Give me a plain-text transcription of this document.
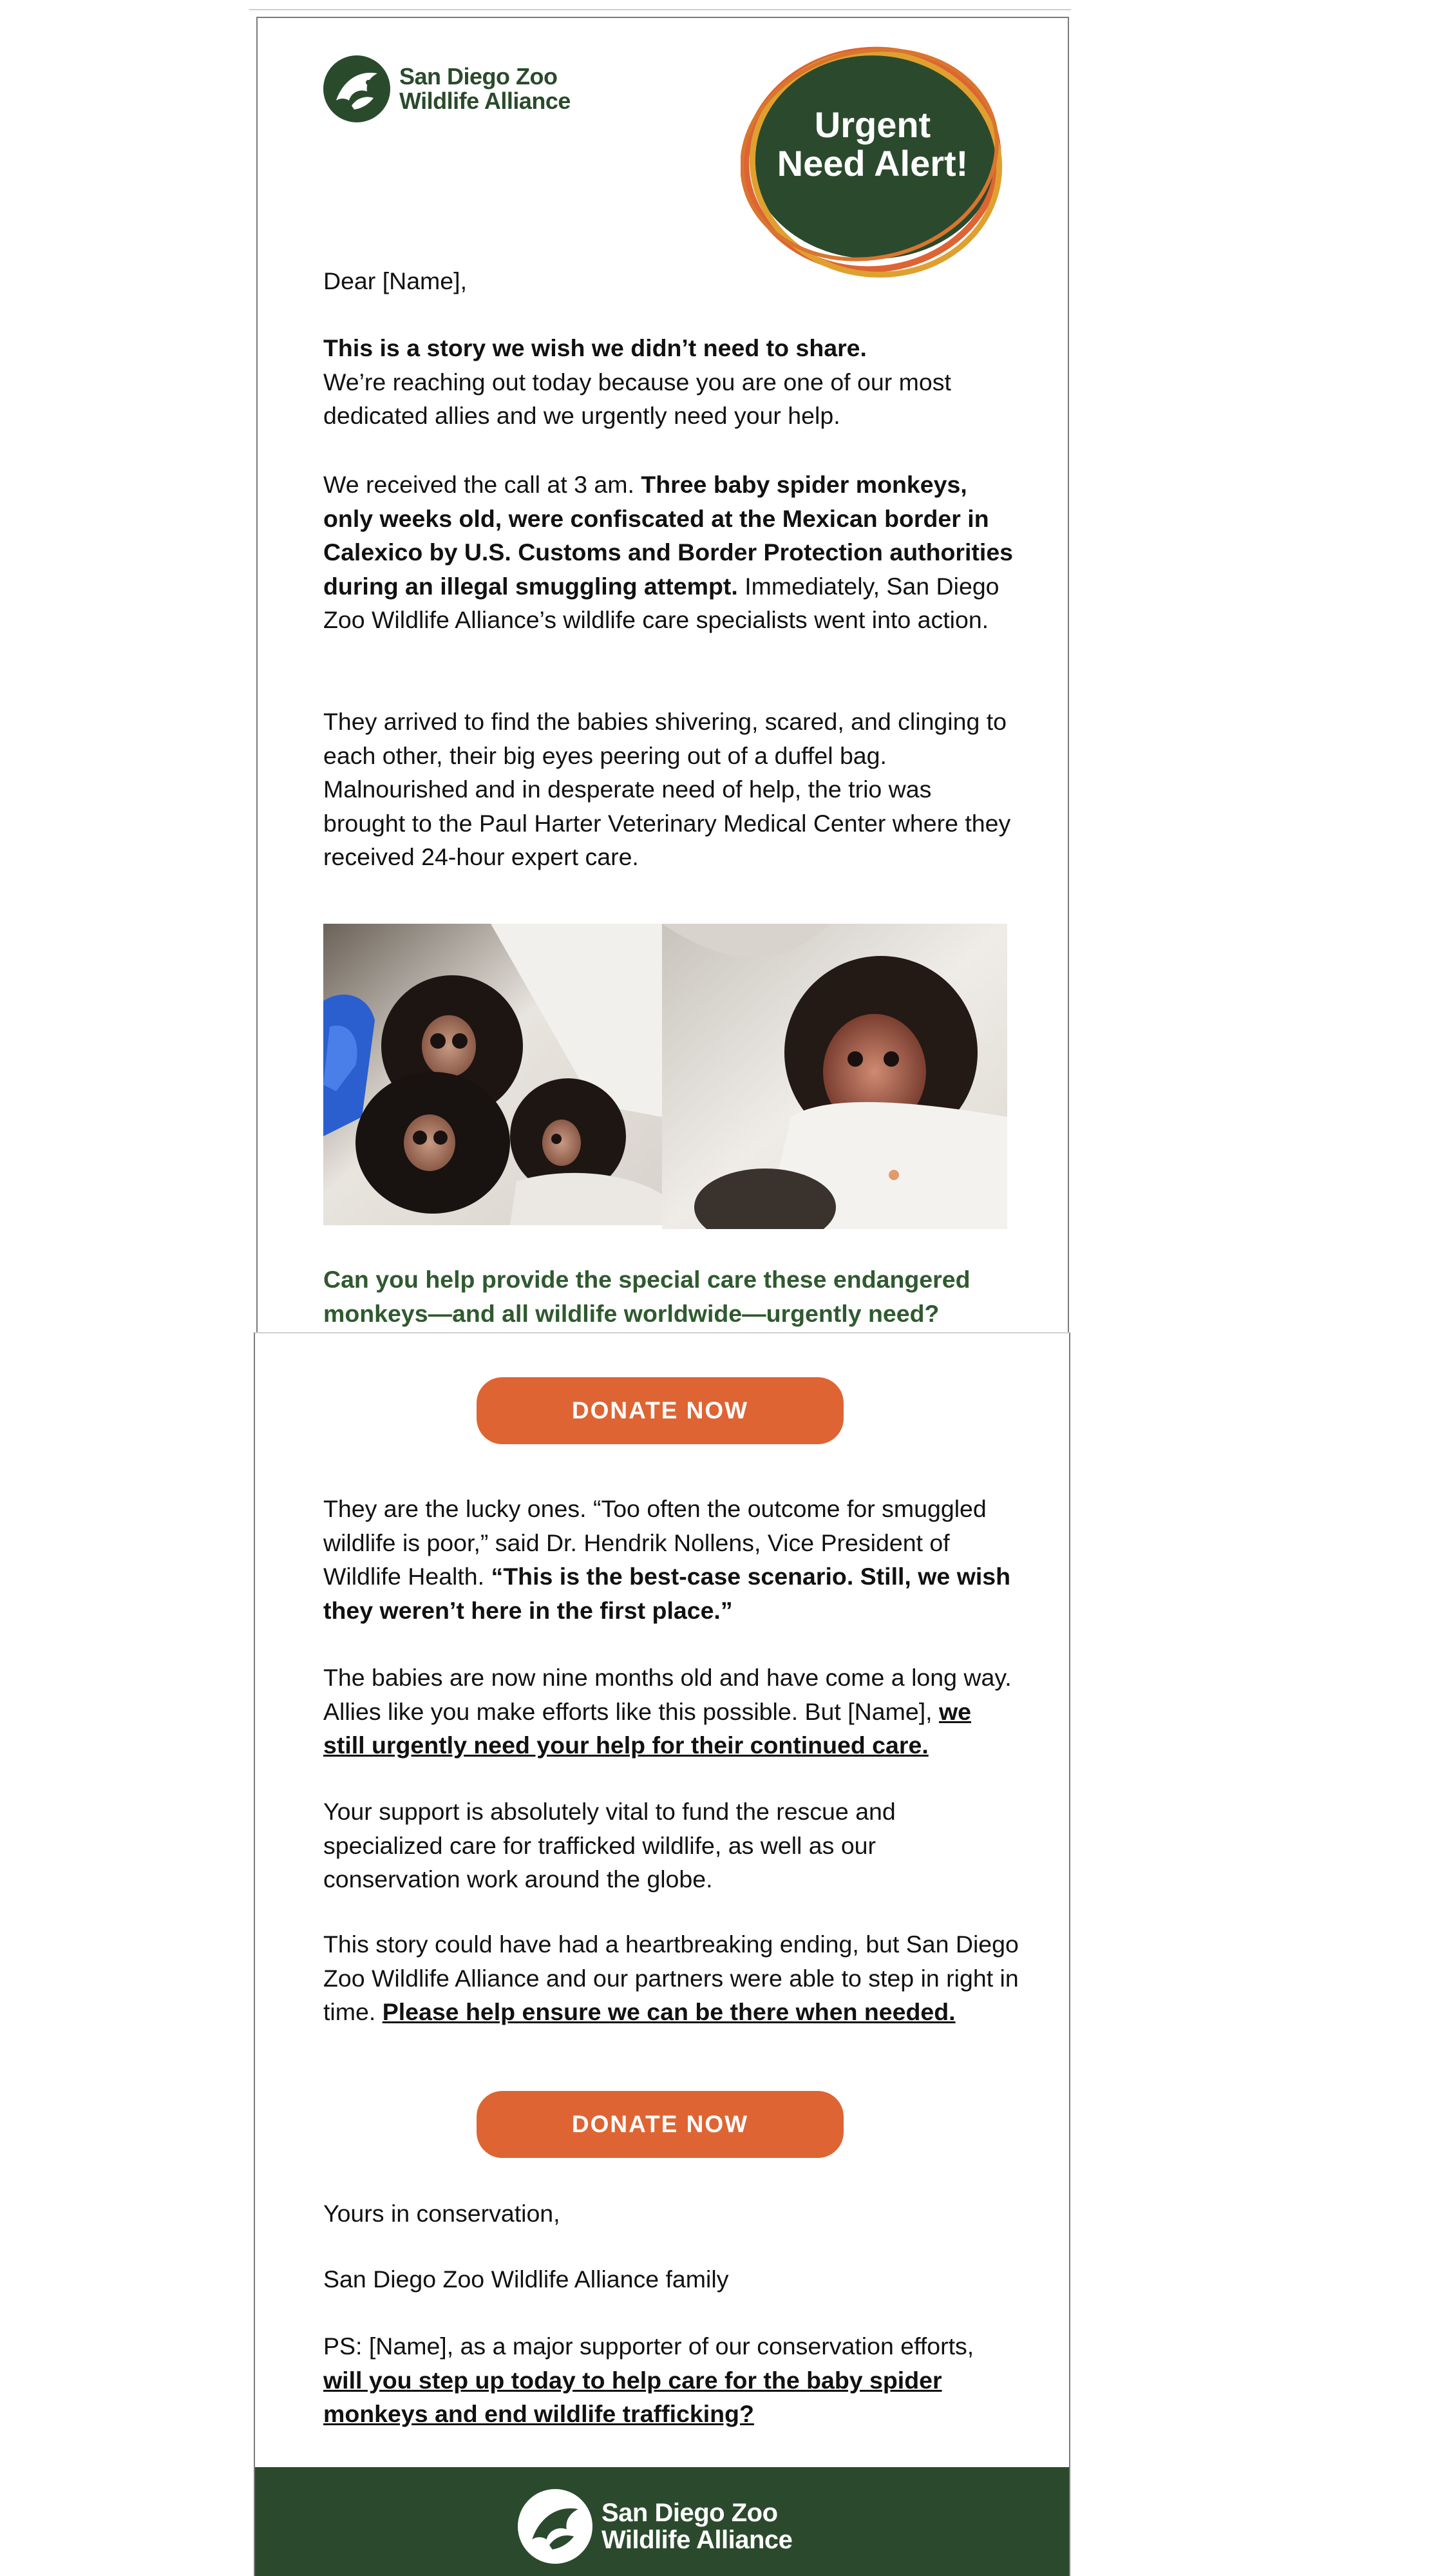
San Diego Zoo
Wildlife Alliance
Urgent
Need Alert!

Dear [Name],

This is a story we wish we didn’t need to share.
We’re reaching out today because you are one of our most dedicated allies and we urgently need your help.

We received the call at 3 am. Three baby spider monkeys, only weeks old, were confiscated at the Mexican border in Calexico by U.S. Customs and Border Protection authorities during an illegal smuggling attempt. Immediately, San Diego Zoo Wildlife Alliance’s wildlife care specialists went into action.

They arrived to find the babies shivering, scared, and clinging to each other, their big eyes peering out of a duffel bag. Malnourished and in desperate need of help, the trio was brought to the Paul Harter Veterinary Medical Center where they received 24-hour expert care.

Can you help provide the special care these endangered monkeys—and all wildlife worldwide—urgently need?

DONATE NOW

They are the lucky ones. “Too often the outcome for smuggled wildlife is poor,” said Dr. Hendrik Nollens, Vice President of Wildlife Health. “This is the best-case scenario. Still, we wish they weren’t here in the first place.”

The babies are now nine months old and have come a long way. Allies like you make efforts like this possible. But [Name], we still urgently need your help for their continued care.

Your support is absolutely vital to fund the rescue and specialized care for trafficked wildlife, as well as our conservation work around the globe.

This story could have had a heartbreaking ending, but San Diego Zoo Wildlife Alliance and our partners were able to step in right in time. Please help ensure we can be there when needed.

DONATE NOW

Yours in conservation,

San Diego Zoo Wildlife Alliance family

PS: [Name], as a major supporter of our conservation efforts, will you step up today to help care for the baby spider monkeys and end wildlife trafficking?

San Diego Zoo
Wildlife Alliance
